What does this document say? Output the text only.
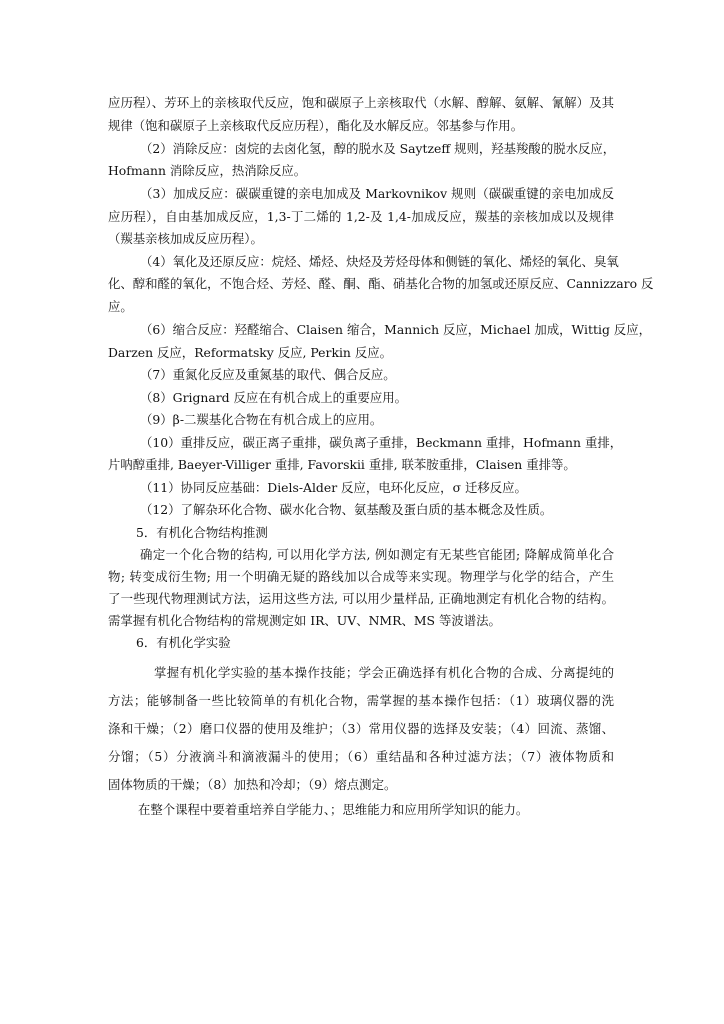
应历程）、芳环上的亲核取代反应，饱和碳原子上亲核取代（水解、醇解、氨解、氰解）及其
规律（饱和碳原子上亲核取代反应历程），酯化及水解反应。邻基参与作用。
（2）消除反应：卤烷的去卤化氢，醇的脱水及 Saytzeff 规则，羟基羧酸的脱水反应，
Hofmann 消除反应，热消除反应。
（3）加成反应：碳碳重键的亲电加成及 Markovnikov 规则（碳碳重键的亲电加成反
应历程），自由基加成反应，1,3-丁二烯的 1,2-及 1,4-加成反应，羰基的亲核加成以及规律
（羰基亲核加成反应历程）。
（4）氧化及还原反应：烷烃、烯烃、炔烃及芳烃母体和侧链的氧化、烯烃的氧化、臭氧
化、醇和醛的氧化，不饱合烃、芳烃、醛、酮、酯、硝基化合物的加氢或还原反应、Cannizzaro 反
应。
（6）缩合反应：羟醛缩合、Claisen 缩合，Mannich 反应，Michael 加成，Wittig 反应，
Darzen 反应，Reformatsky 反应, Perkin 反应。
（7）重氮化反应及重氮基的取代、偶合反应。
（8）Grignard 反应在有机合成上的重要应用。
（9）β-二羰基化合物在有机合成上的应用。
（10）重排反应，碳正离子重排，碳负离子重排，Beckmann 重排，Hofmann 重排，
片呐醇重排, Baeyer-Villiger 重排, Favorskii 重排, 联苯胺重排，Claisen 重排等。
（11）协同反应基础：Diels-Alder 反应，电环化反应，σ 迁移反应。
（12）了解杂环化合物、碳水化合物、氨基酸及蛋白质的基本概念及性质。
5．有机化合物结构推测
确定一个化合物的结构, 可以用化学方法, 例如测定有无某些官能团; 降解成简单化合
物; 转变成衍生物; 用一个明确无疑的路线加以合成等来实现。物理学与化学的结合，产生
了一些现代物理测试方法，运用这些方法, 可以用少量样品, 正确地测定有机化合物的结构。
需掌握有机化合物结构的常规测定如 IR、UV、NMR、MS 等波谱法。
6．有机化学实验
掌握有机化学实验的基本操作技能；学会正确选择有机化合物的合成、分离提纯的
方法；能够制备一些比较简单的有机化合物，需掌握的基本操作包括：（1）玻璃仪器的洗
涤和干燥；（2）磨口仪器的使用及维护；（3）常用仪器的选择及安装；（4）回流、蒸馏、
分馏；（5）分液滴斗和滴液漏斗的使用；（6）重结晶和各种过滤方法；（7）液体物质和
固体物质的干燥；（8）加热和冷却；（9）熔点测定。
在整个课程中要着重培养自学能力、；思维能力和应用所学知识的能力。
